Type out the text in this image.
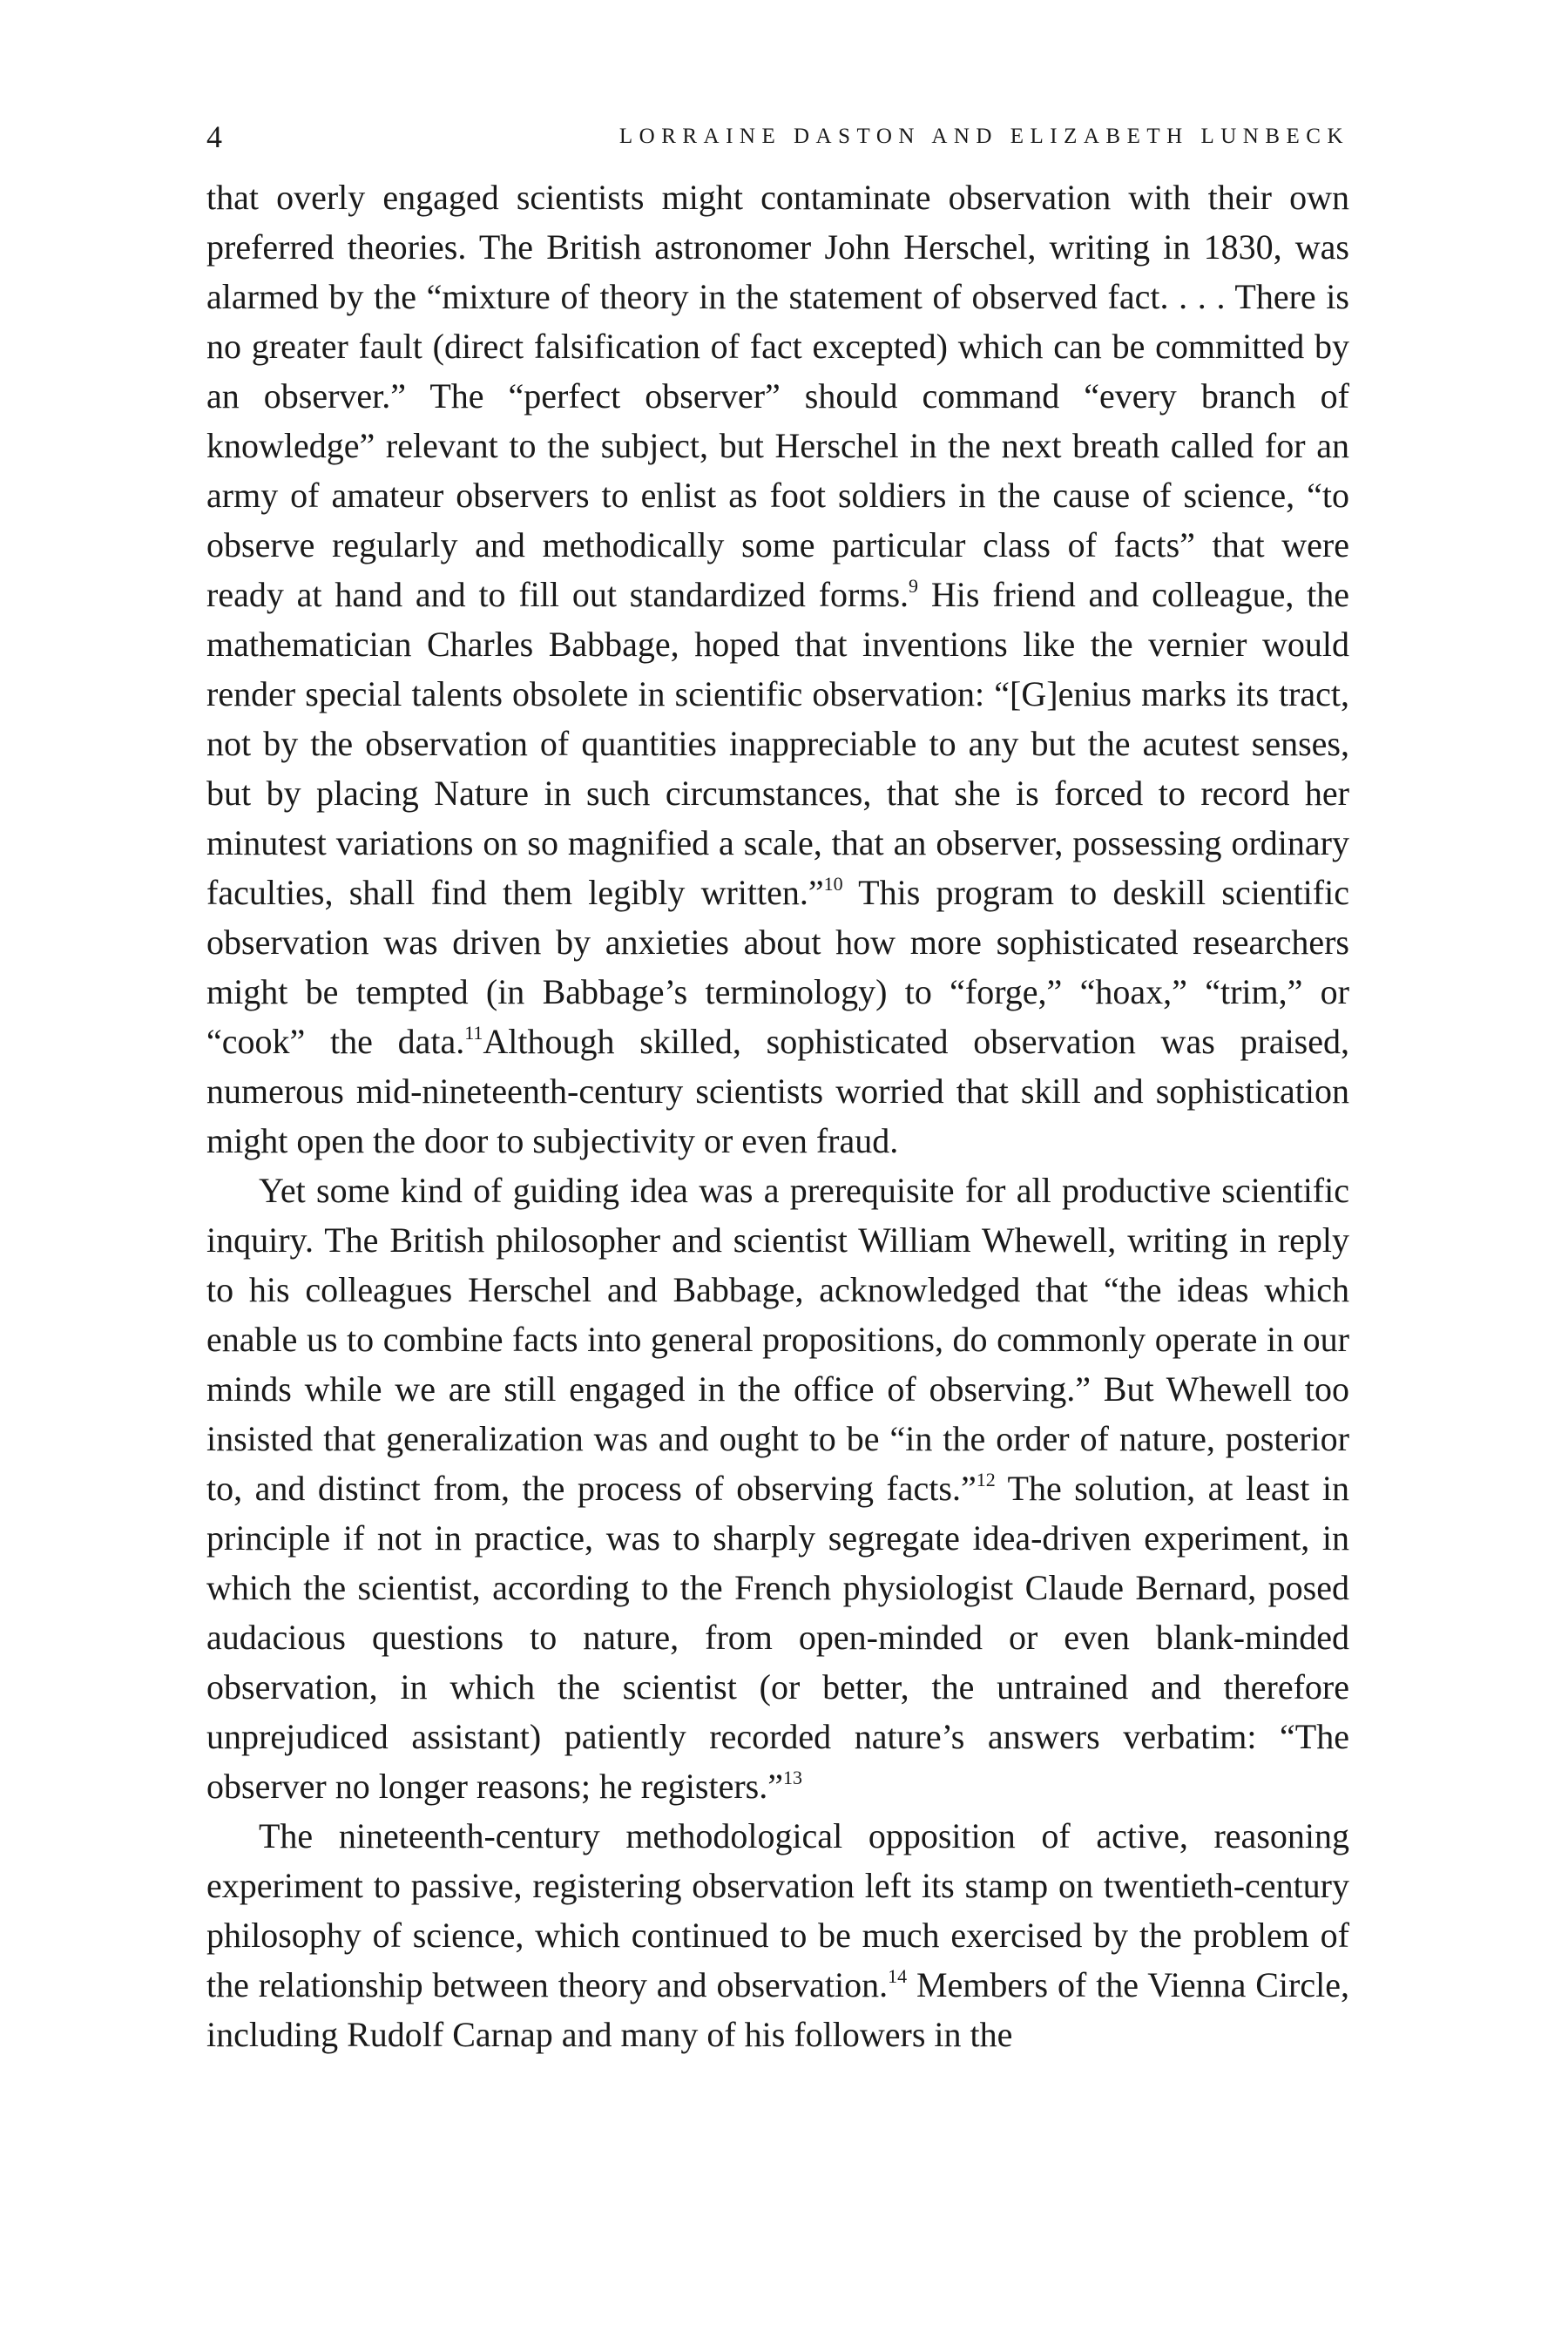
4	LORRAINE DASTON AND ELIZABETH LUNBECK

that overly engaged scientists might contaminate observation with their own preferred theories. The British astronomer John Herschel, writing in 1830, was alarmed by the “mixture of theory in the statement of observed fact. . . . There is no greater fault (direct falsification of fact excepted) which can be committed by an observer.” The “perfect observer” should command “every branch of knowledge” relevant to the subject, but Herschel in the next breath called for an army of amateur observers to enlist as foot soldiers in the cause of science, “to observe regularly and methodically some particular class of facts” that were ready at hand and to fill out standardized forms.$^9$ His friend and colleague, the mathematician Charles Babbage, hoped that inventions like the vernier would render special talents obsolete in scientific observation: “[G]enius marks its tract, not by the observation of quantities inappreciable to any but the acutest senses, but by placing Nature in such circumstances, that she is forced to record her minutest variations on so magnified a scale, that an observer, possessing ordinary faculties, shall find them legibly written.”$^{10}$ This program to deskill scientific observation was driven by anxieties about how more sophisticated researchers might be tempted (in Babbage’s terminology) to “forge,” “hoax,” “trim,” or “cook” the data.$^{11}$Although skilled, sophisticated observation was praised, numerous mid-nineteenth-century scientists worried that skill and sophistication might open the door to subjectivity or even fraud.

Yet some kind of guiding idea was a prerequisite for all productive scientific inquiry. The British philosopher and scientist William Whewell, writing in reply to his colleagues Herschel and Babbage, acknowledged that “the ideas which enable us to combine facts into general propositions, do commonly operate in our minds while we are still engaged in the office of observing.” But Whewell too insisted that generalization was and ought to be “in the order of nature, posterior to, and distinct from, the process of observing facts.”$^{12}$ The solution, at least in principle if not in practice, was to sharply segregate idea-driven experiment, in which the scientist, according to the French physiologist Claude Bernard, posed audacious questions to nature, from open-minded or even blank-minded observation, in which the scientist (or better, the untrained and therefore unprejudiced assistant) patiently recorded nature’s answers verbatim: “The observer no longer reasons; he registers.”$^{13}$

The nineteenth-century methodological opposition of active, reasoning experiment to passive, registering observation left its stamp on twentieth-century philosophy of science, which continued to be much exercised by the problem of the relationship between theory and observation.$^{14}$ Members of the Vienna Circle, including Rudolf Carnap and many of his followers in the
